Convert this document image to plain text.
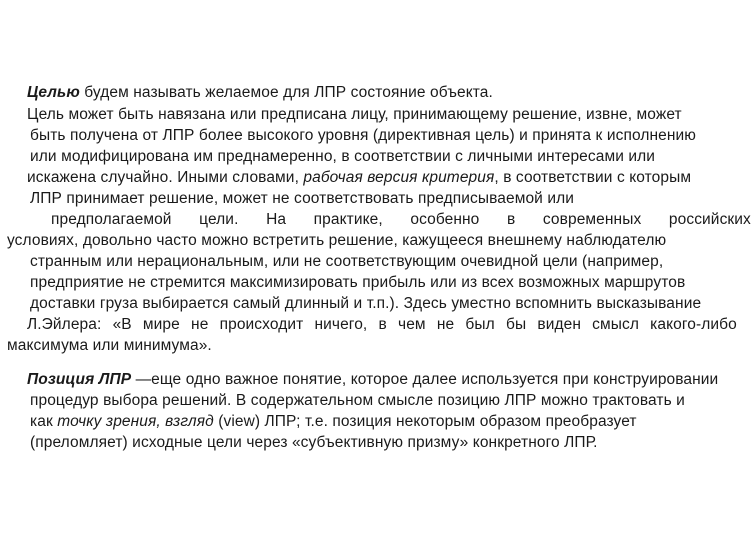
Целью будем называть желаемое для ЛПР состояние объекта.
Цель может быть навязана или предписана лицу, принимающему решение, извне, может
быть получена от ЛПР более высокого уровня (директивная цель) и принята к исполнению
или модифицирована им преднамеренно, в соответствии с личными интересами или
искажена случайно. Иными словами, рабочая версия критерия, в соответствии с которым
ЛПР принимает решение, может не соответствовать предписываемой или
предполагаемой цели. На практике, особенно в современных российских
условиях, довольно часто можно встретить решение, кажущееся внешнему наблюдателю
странным или нерациональным, или не соответствующим очевидной цели (например,
предприятие не стремится максимизировать прибыль или из всех возможных маршрутов
доставки груза выбирается самый длинный и т.п.). Здесь уместно вспомнить высказывание
Л.Эйлера: «В мире не происходит ничего, в чем не был бы виден смысл какого-либо
максимума или минимума».
Позиция ЛПР —еще одно важное понятие, которое далее используется при конструировании
процедур выбора решений. В содержательном смысле позицию ЛПР можно трактовать и
как точку зрения, взгляд (view) ЛПР; т.е. позиция некоторым образом преобразует
(преломляет) исходные цели через «субъективную призму» конкретного ЛПР.
